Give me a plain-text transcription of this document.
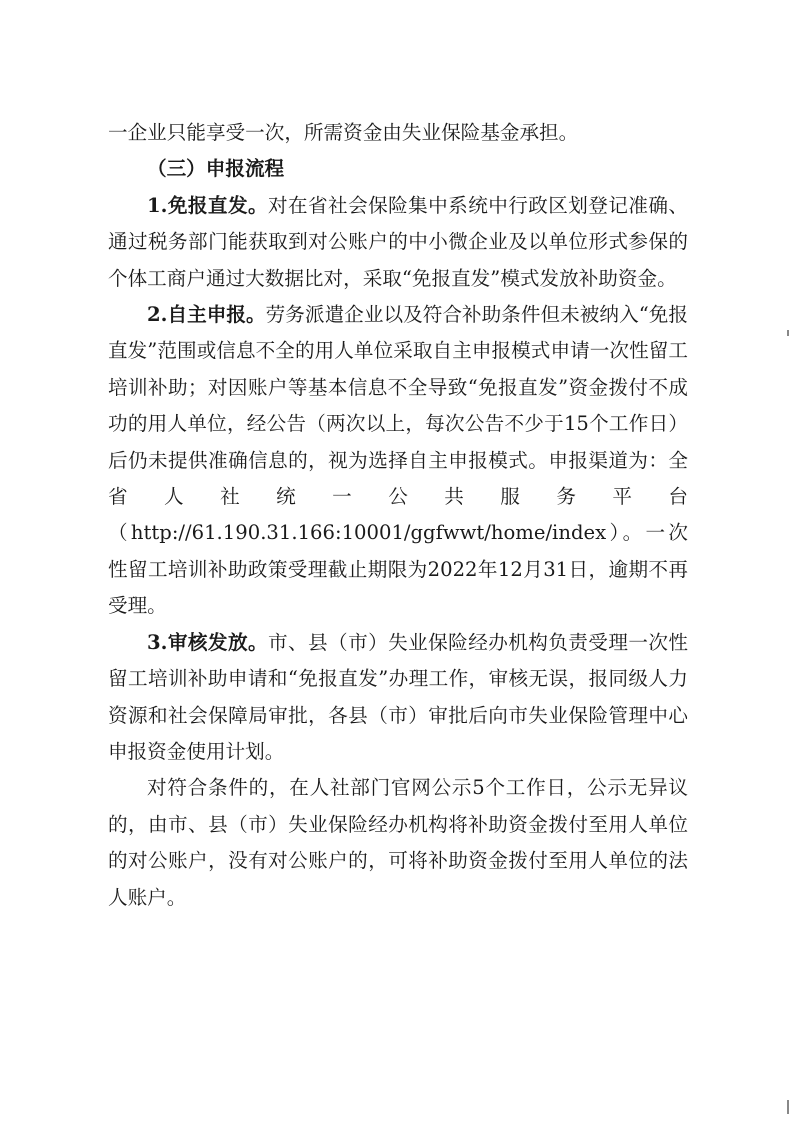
一企业只能享受一次，所需资金由失业保险基金承担。

（三）申报流程

1.免报直发。对在省社会保险集中系统中行政区划登记准确、通过税务部门能获取到对公账户的中小微企业及以单位形式参保的个体工商户通过大数据比对，采取“免报直发”模式发放补助资金。

2.自主申报。劳务派遣企业以及符合补助条件但未被纳入“免报直发”范围或信息不全的用人单位采取自主申报模式申请一次性留工培训补助；对因账户等基本信息不全导致“免报直发”资金拨付不成功的用人单位，经公告（两次以上，每次公告不少于15个工作日）后仍未提供准确信息的，视为选择自主申报模式。申报渠道为：全省人社统一公共服务平台（http://61.190.31.166:10001/ggfwwt/home/index）。一次性留工培训补助政策受理截止期限为2022年12月31日，逾期不再受理。

3.审核发放。市、县（市）失业保险经办机构负责受理一次性留工培训补助申请和“免报直发”办理工作，审核无误，报同级人力资源和社会保障局审批，各县（市）审批后向市失业保险管理中心申报资金使用计划。

对符合条件的，在人社部门官网公示5个工作日，公示无异议的，由市、县（市）失业保险经办机构将补助资金拨付至用人单位的对公账户，没有对公账户的，可将补助资金拨付至用人单位的法人账户。
